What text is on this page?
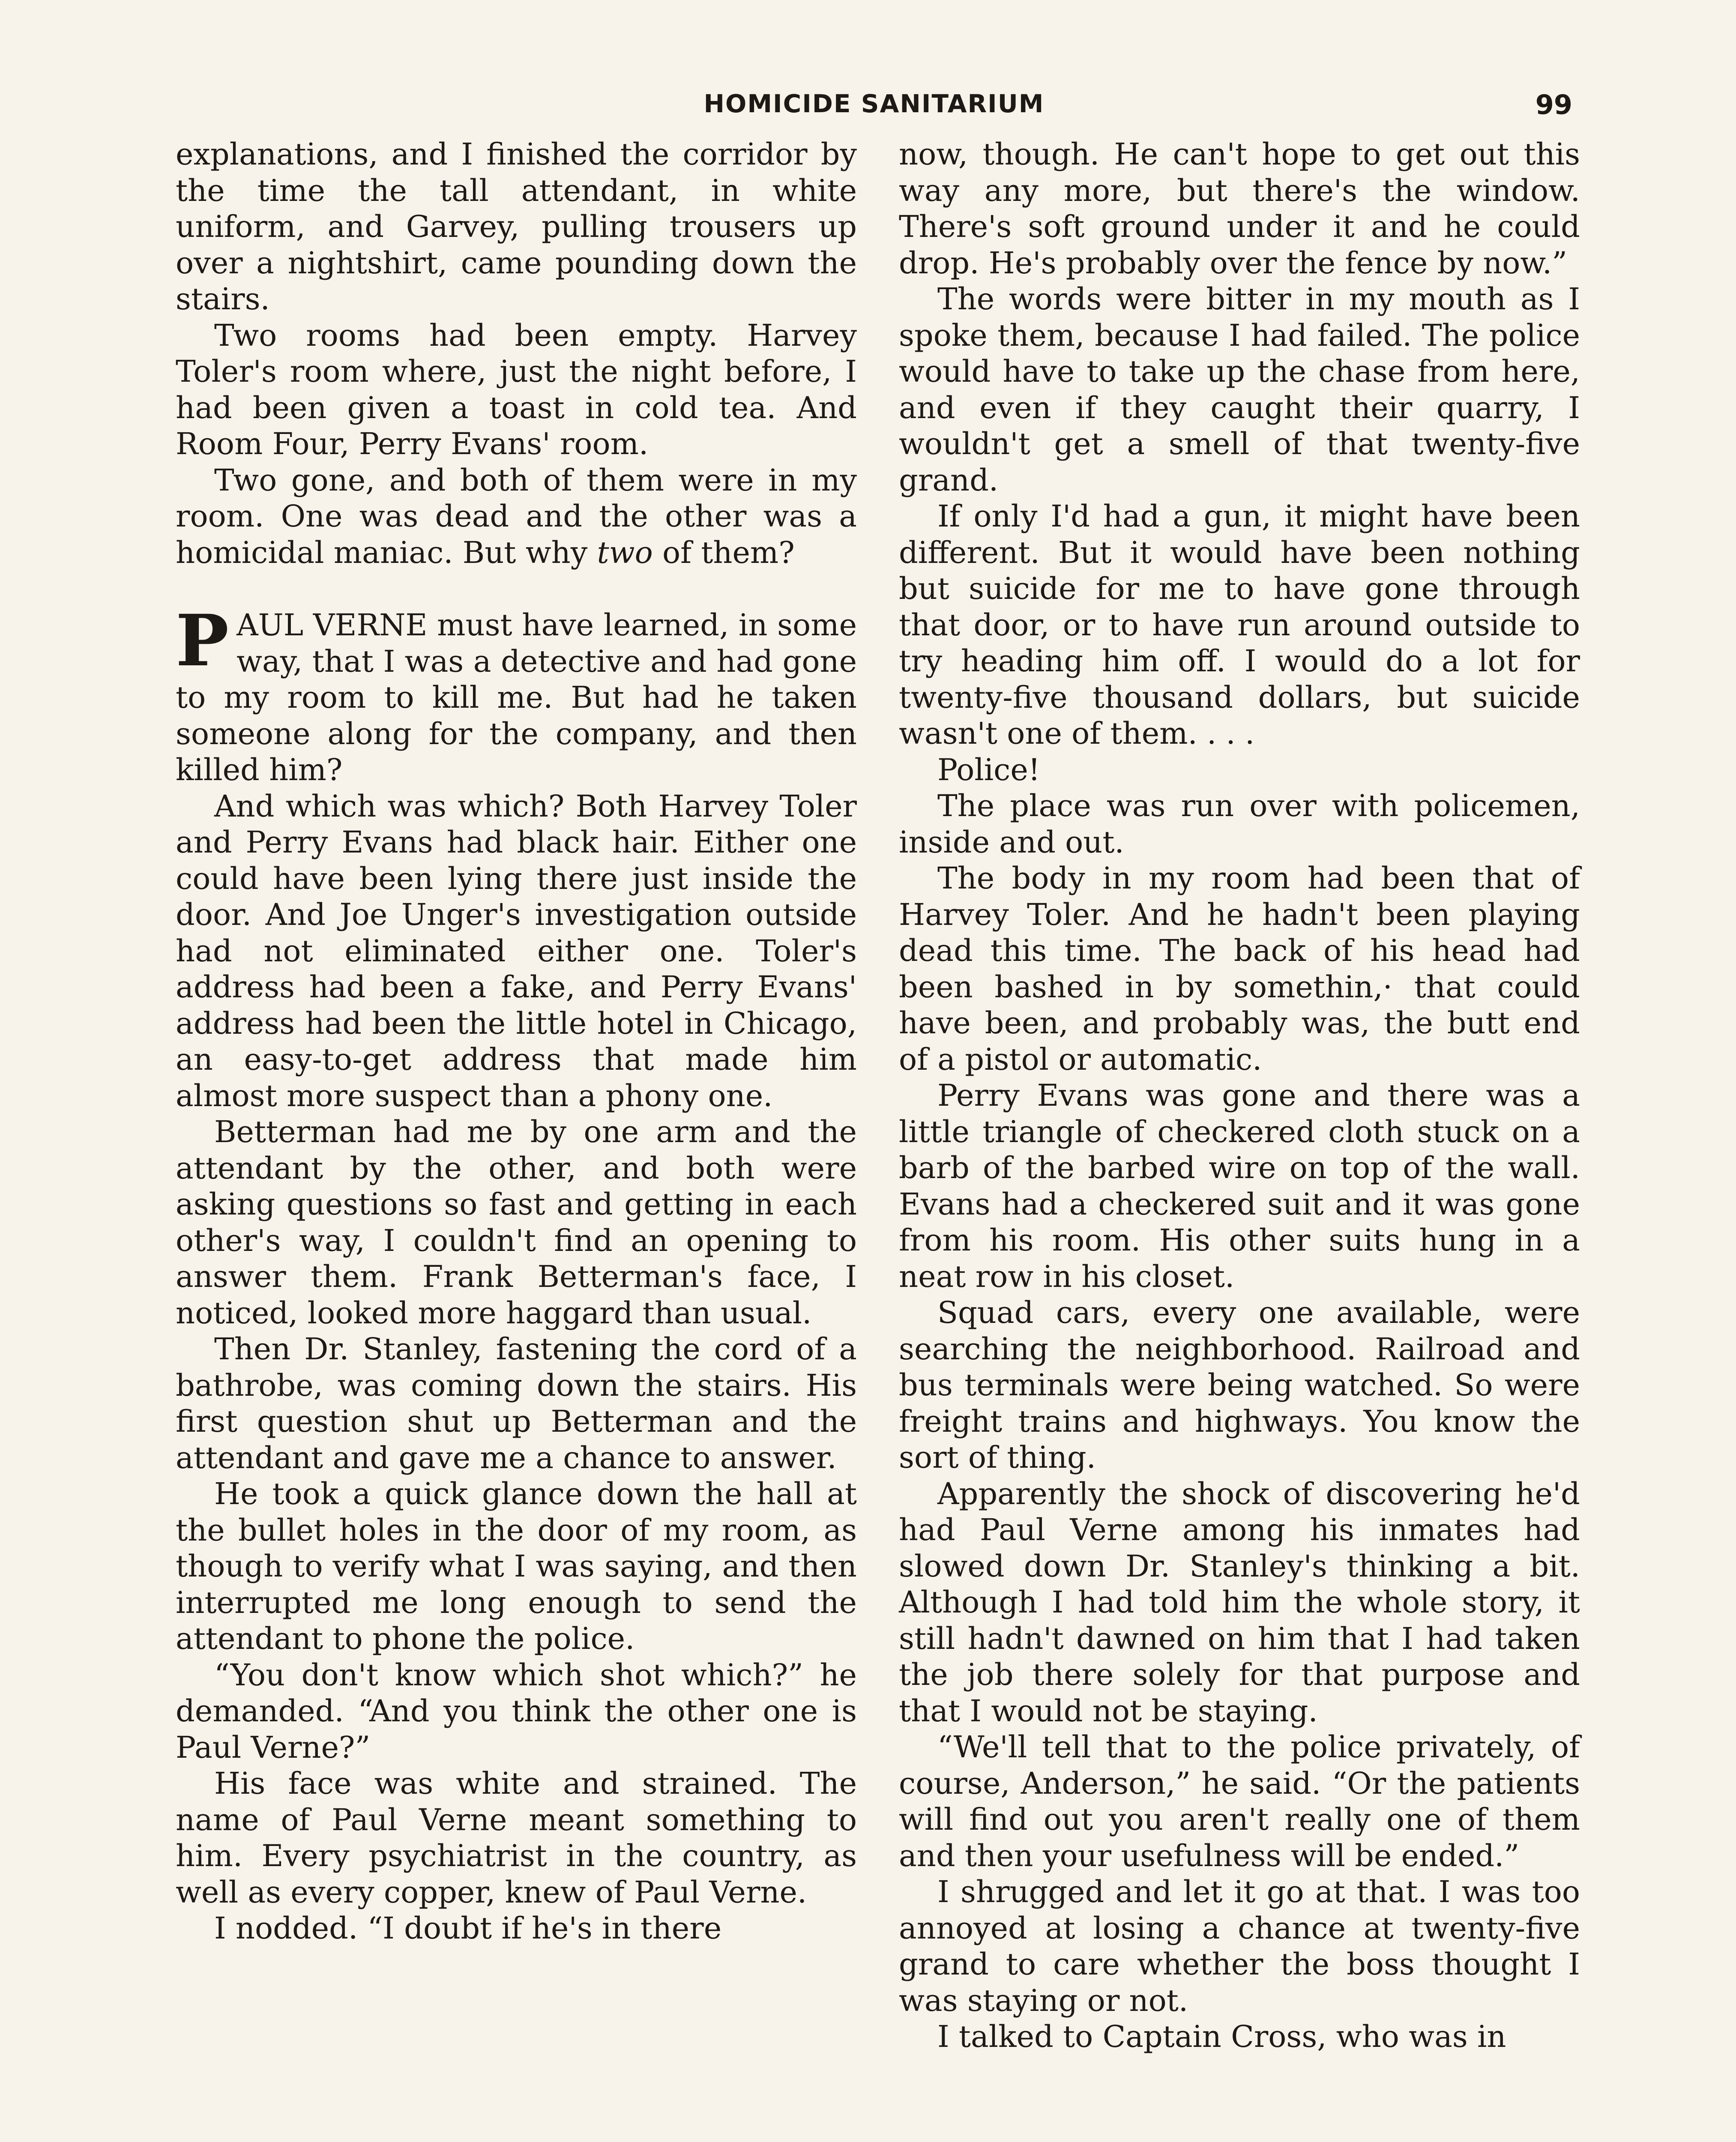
HOMICIDE SANITARIUM	99

explanations, and I finished the corridor by the time the tall attendant, in white uniform, and Garvey, pulling trousers up over a nightshirt, came pounding down the stairs.

Two rooms had been empty. Harvey Toler's room where, just the night before, I had been given a toast in cold tea. And Room Four, Perry Evans' room.

Two gone, and both of them were in my room. One was dead and the other was a homicidal maniac. But why two of them?

PAUL VERNE must have learned, in some way, that I was a detective and had gone to my room to kill me. But had he taken someone along for the company, and then killed him?

And which was which? Both Harvey Toler and Perry Evans had black hair. Either one could have been lying there just inside the door. And Joe Unger's investigation outside had not eliminated either one. Toler's address had been a fake, and Perry Evans' address had been the little hotel in Chicago, an easy-to-get address that made him almost more suspect than a phony one.

Betterman had me by one arm and the attendant by the other, and both were asking questions so fast and getting in each other's way, I couldn't find an opening to answer them. Frank Betterman's face, I noticed, looked more haggard than usual.

Then Dr. Stanley, fastening the cord of a bathrobe, was coming down the stairs. His first question shut up Betterman and the attendant and gave me a chance to answer.

He took a quick glance down the hall at the bullet holes in the door of my room, as though to verify what I was saying, and then interrupted me long enough to send the attendant to phone the police.

“You don't know which shot which?” he demanded. “And you think the other one is Paul Verne?”

His face was white and strained. The name of Paul Verne meant something to him. Every psychiatrist in the country, as well as every copper, knew of Paul Verne.

I nodded. “I doubt if he's in there

now, though. He can't hope to get out this way any more, but there's the window. There's soft ground under it and he could drop. He's probably over the fence by now.”

The words were bitter in my mouth as I spoke them, because I had failed. The police would have to take up the chase from here, and even if they caught their quarry, I wouldn't get a smell of that twenty-five grand.

If only I'd had a gun, it might have been different. But it would have been nothing but suicide for me to have gone through that door, or to have run around outside to try heading him off. I would do a lot for twenty-five thousand dollars, but suicide wasn't one of them. . . .

Police!

The place was run over with policemen, inside and out.

The body in my room had been that of Harvey Toler. And he hadn't been playing dead this time. The back of his head had been bashed in by somethin,· that could have been, and probably was, the butt end of a pistol or automatic.

Perry Evans was gone and there was a little triangle of checkered cloth stuck on a barb of the barbed wire on top of the wall. Evans had a checkered suit and it was gone from his room. His other suits hung in a neat row in his closet.

Squad cars, every one available, were searching the neighborhood. Railroad and bus terminals were being watched. So were freight trains and highways. You know the sort of thing.

Apparently the shock of discovering he'd had Paul Verne among his inmates had slowed down Dr. Stanley's thinking a bit. Although I had told him the whole story, it still hadn't dawned on him that I had taken the job there solely for that purpose and that I would not be staying.

“We'll tell that to the police privately, of course, Anderson,” he said. “Or the patients will find out you aren't really one of them and then your usefulness will be ended.”

I shrugged and let it go at that. I was too annoyed at losing a chance at twenty-five grand to care whether the boss thought I was staying or not.

I talked to Captain Cross, who was in
